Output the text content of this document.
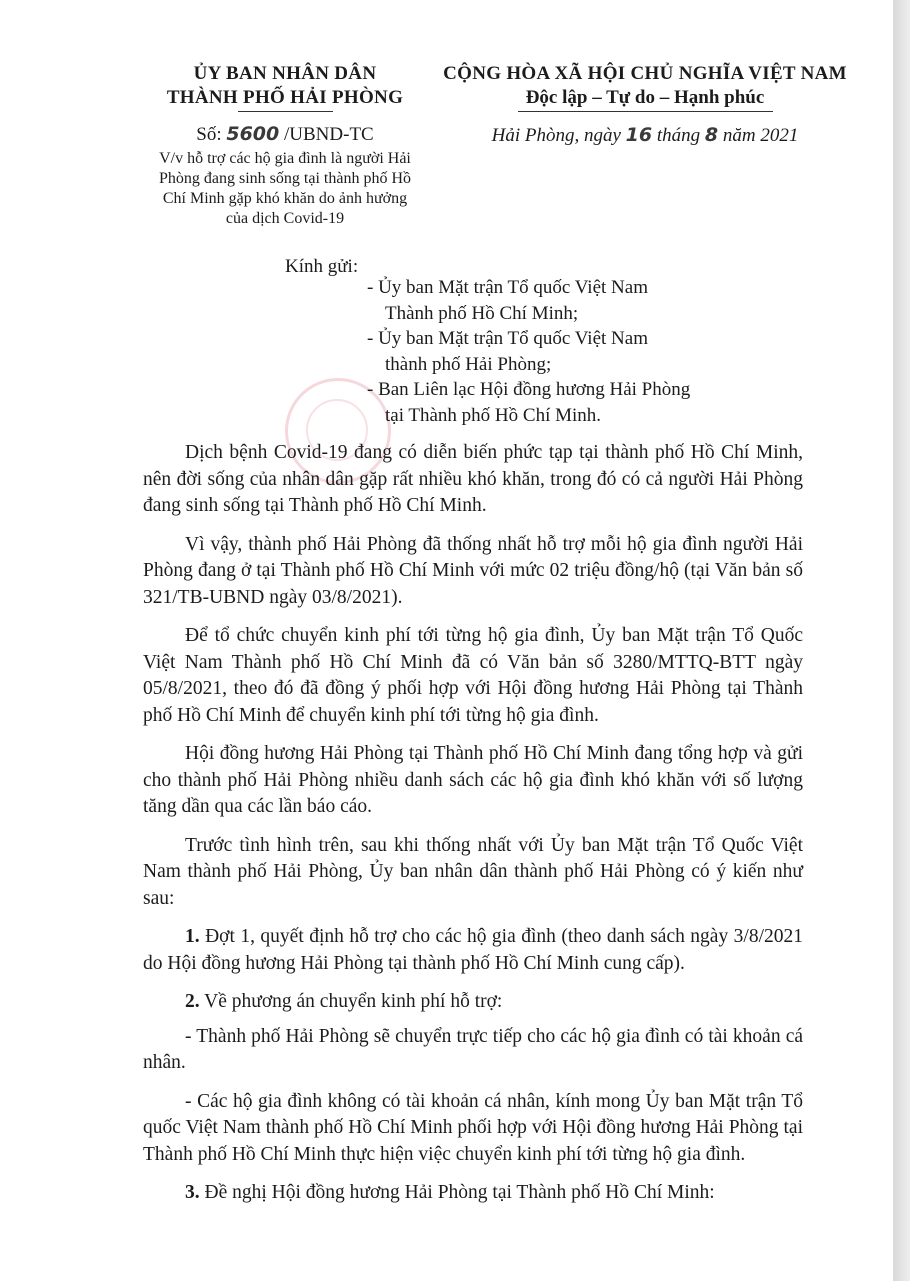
ỦY BAN NHÂN DÂN
THÀNH PHỐ HẢI PHÒNG
Số: 5600 /UBND-TC
V/v hỗ trợ các hộ gia đình là người Hải
Phòng đang sinh sống tại thành phố Hồ
Chí Minh gặp khó khăn do ảnh hưởng
của dịch Covid-19
CỘNG HÒA XÃ HỘI CHỦ NGHĨA VIỆT NAM
Độc lập – Tự do – Hạnh phúc
Hải Phòng, ngày 16 tháng 8 năm 2021
Kính gửi:
- Ủy ban Mặt trận Tổ quốc Việt Nam
Thành phố Hồ Chí Minh;
- Ủy ban Mặt trận Tổ quốc Việt Nam
thành phố Hải Phòng;
- Ban Liên lạc Hội đồng hương Hải Phòng
tại Thành phố Hồ Chí Minh.

Dịch bệnh Covid-19 đang có diễn biến phức tạp tại thành phố Hồ Chí Minh, nên đời sống của nhân dân gặp rất nhiều khó khăn, trong đó có cả người Hải Phòng đang sinh sống tại Thành phố Hồ Chí Minh.

Vì vậy, thành phố Hải Phòng đã thống nhất hỗ trợ mỗi hộ gia đình người Hải Phòng đang ở tại Thành phố Hồ Chí Minh với mức 02 triệu đồng/hộ (tại Văn bản số 321/TB-UBND ngày 03/8/2021).

Để tổ chức chuyển kinh phí tới từng hộ gia đình, Ủy ban Mặt trận Tổ Quốc Việt Nam Thành phố Hồ Chí Minh đã có Văn bản số 3280/MTTQ-BTT ngày 05/8/2021, theo đó đã đồng ý phối hợp với Hội đồng hương Hải Phòng tại Thành phố Hồ Chí Minh để chuyển kinh phí tới từng hộ gia đình.

Hội đồng hương Hải Phòng tại Thành phố Hồ Chí Minh đang tổng hợp và gửi cho thành phố Hải Phòng nhiều danh sách các hộ gia đình khó khăn với số lượng tăng dần qua các lần báo cáo.

Trước tình hình trên, sau khi thống nhất với Ủy ban Mặt trận Tổ Quốc Việt Nam thành phố Hải Phòng, Ủy ban nhân dân thành phố Hải Phòng có ý kiến như sau:

1. Đợt 1, quyết định hỗ trợ cho các hộ gia đình (theo danh sách ngày 3/8/2021 do Hội đồng hương Hải Phòng tại thành phố Hồ Chí Minh cung cấp).

2. Về phương án chuyển kinh phí hỗ trợ:

- Thành phố Hải Phòng sẽ chuyển trực tiếp cho các hộ gia đình có tài khoản cá nhân.

- Các hộ gia đình không có tài khoản cá nhân, kính mong Ủy ban Mặt trận Tổ quốc Việt Nam thành phố Hồ Chí Minh phối hợp với Hội đồng hương Hải Phòng tại Thành phố Hồ Chí Minh thực hiện việc chuyển kinh phí tới từng hộ gia đình.

3. Đề nghị Hội đồng hương Hải Phòng tại Thành phố Hồ Chí Minh:
